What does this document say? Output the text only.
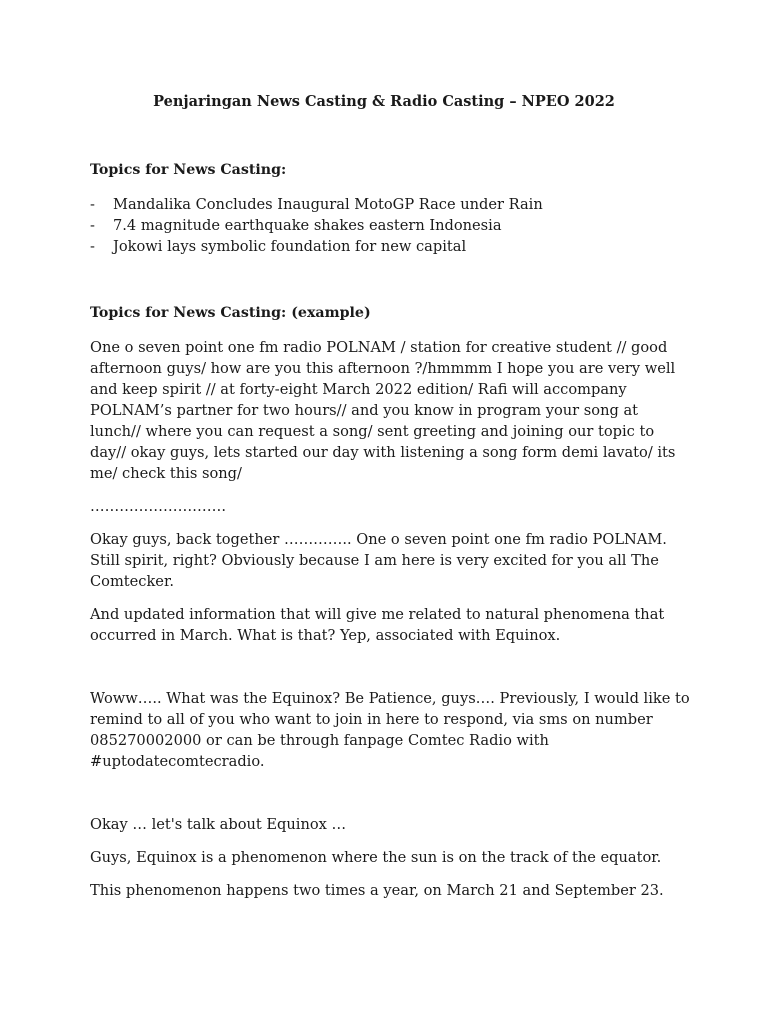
Penjaringan News Casting & Radio Casting – NPEO 2022

Topics for News Casting:

- Mandalika Concludes Inaugural MotoGP Race under Rain
- 7.4 magnitude earthquake shakes eastern Indonesia
- Jokowi lays symbolic foundation for new capital

Topics for News Casting: (example)

One o seven point one fm radio POLNAM / station for creative student // good afternoon guys/ how are you this afternoon ?/hmmmm I hope you are very well and keep spirit // at forty-eight March 2022 edition/ Rafi will accompany POLNAM’s partner for two hours// and you know in program your song at lunch// where you can request a song/ sent greeting and joining our topic to day// okay guys, lets started our day with listening a song form demi lavato/ its me/ check this song/

……………………….

Okay guys, back together ………….. One o seven point one fm radio POLNAM. Still spirit, right? Obviously because I am here is very excited for you all The Comtecker.

And updated information that will give me related to natural phenomena that occurred in March. What is that? Yep, associated with Equinox.

Woww….. What was the Equinox? Be Patience, guys…. Previously, I would like to remind to all of you who want to join in here to respond, via sms on number 085270002000 or can be through fanpage Comtec Radio with #uptodatecomtecradio.

Okay … let's talk about Equinox …

Guys, Equinox is a phenomenon where the sun is on the track of the equator.

This phenomenon happens two times a year, on March 21 and September 23.
